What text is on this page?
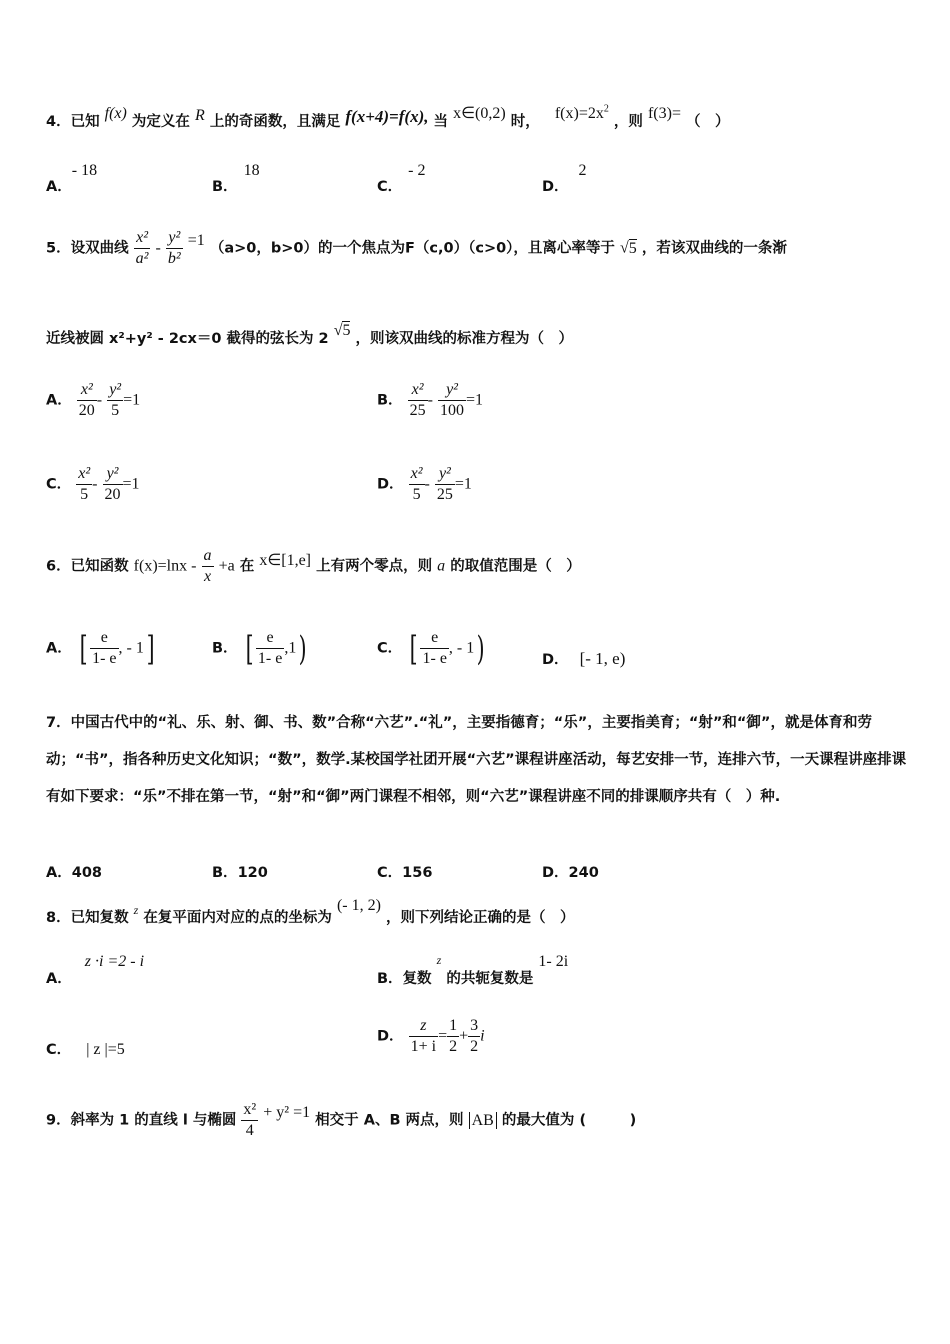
4．已知 f(x) 为定义在 R 上的奇函数，且满足 f(x+4)=f(x), 当 x∈(0,2) 时， $f(x)=2x^2$ ，则 f(3)= （　）
A．- 18
B．18
C．- 2
D．2
5．设双曲线 $\frac{\text{x²}}{\text{a²}} - \frac{\text{y²}}{\text{b²}} =1$ （a>0，b>0）的一个焦点为F（c,0）（c>0），且离心率等于 √5 ，若该双曲线的一条渐
近线被圆 x²+y² - 2cx＝0 截得的弦长为 2 √5 ，则该双曲线的标准方程为（　）
A． $\frac{\text{x²}}{20} - \frac{\text{y²}}{5} =1$	B． $\frac{\text{x²}}{25} - \frac{\text{y²}}{100} =1$
C． $\frac{\text{x²}}{5} - \frac{\text{y²}}{20} =1$	D． $\frac{\text{x²}}{5} - \frac{\text{y²}}{25} =1$
6．已知函数 $f(x)=\ln x - \frac{a}{x} +a$ 在 x∈[1,e] 上有两个零点，则 a 的取值范围是（　）
A． [ $\frac{e}{1- e}$ , - 1]	B． [ $\frac{e}{1- e} ,1$)	C． [ $\frac{e}{1- e}$ , - 1)	D． [- 1, e)
7．中国古代中的“礼、乐、射、御、书、数”合称“六艺”.“礼”，主要指德育；“乐”，主要指美育；“射”和“御”，就是体育和劳动；“书”，指各种历史文化知识；“数”，数学.某校国学社团开展“六艺”课程讲座活动，每艺安排一节，连排六节，一天课程讲座排课有如下要求：“乐”不排在第一节，“射”和“御”两门课程不相邻，则“六艺”课程讲座不同的排课顺序共有（　）种.
A．408	B．120	C．156	D．240
8．已知复数 $^z$ 在复平面内对应的点的坐标为 (- 1, 2) ，则下列结论正确的是（　）
A． z ·i =2 - i
B．复数 $^z$ 的共轭复数是 1- 2i
C． | z |=5
D． $\frac{z}{1+ i} = \frac{1}{2} + \frac{3}{2}$ i
9．斜率为 1 的直线 l 与椭圆 $\frac{\text{x²}}{4} + y^2 =1$ 相交于 A、B 两点，则 AB 的最大值为 (　　　)
